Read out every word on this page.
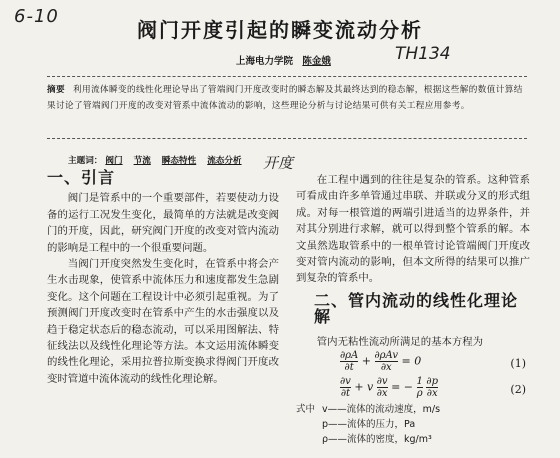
6-10
TH134
开度
阀门开度引起的瞬变流动分析
上海电力学院 陈金娥
摘要 利用流体瞬变的线性化理论导出了管端阀门开度改变时的瞬态解及其最终达到的稳态解，根据这些解的数值计算结果讨论了管端阀门开度的改变对管系中流体流动的影响，这些理论分析与讨论结果可供有关工程应用参考。
主题词： 阀门 节流 瞬态特性 流态分析
一、引言

阀门是管系中的一个重要部件，若要使动力设备的运行工况发生变化，最简单的方法就是改变阀门的开度，因此，研究阀门开度的改变对管内流动的影响是工程中的一个很重要问题。

当阀门开度突然发生变化时，在管系中将会产生水击现象，使管系中流体压力和速度都发生急剧变化。这个问题在工程设计中必须引起重视。为了预测阀门开度改变时在管系中产生的水击强度以及趋于稳定状态后的稳态流动，可以采用图解法、特征线法以及线性化理论等方法。本文运用流体瞬变的线性化理论，采用拉普拉斯变换求得阀门开度改变时管道中流体流动的线性化理论解。

在工程中遇到的往往是复杂的管系。这种管系可看成由许多单管通过串联、并联或分叉的形式组成。对每一根管道的两端引进适当的边界条件，并对其分别进行求解，就可以得到整个管系的解。本文虽然选取管系中的一根单管讨论管端阀门开度改变对管内流动的影响，但本文所得的结果可以推广到复杂的管系中。

二、管内流动的线性化理论解

管内无粘性流动所满足的基本方程为

$\frac{\partial\rho A}{\partial t} + \frac{\text{∂ρAv}}{\partial x} = 0$	(1)
$\frac{\partial v}{\partial t} + v \frac{\partial v}{\partial x}$ = − $\frac{1}{\rho}$
$\frac{\partial p}{\partial x}$	(2)
式中 v——流体的流动速度，m/s
p——流体的压力，Pa
ρ——流体的密度，kg/m³
